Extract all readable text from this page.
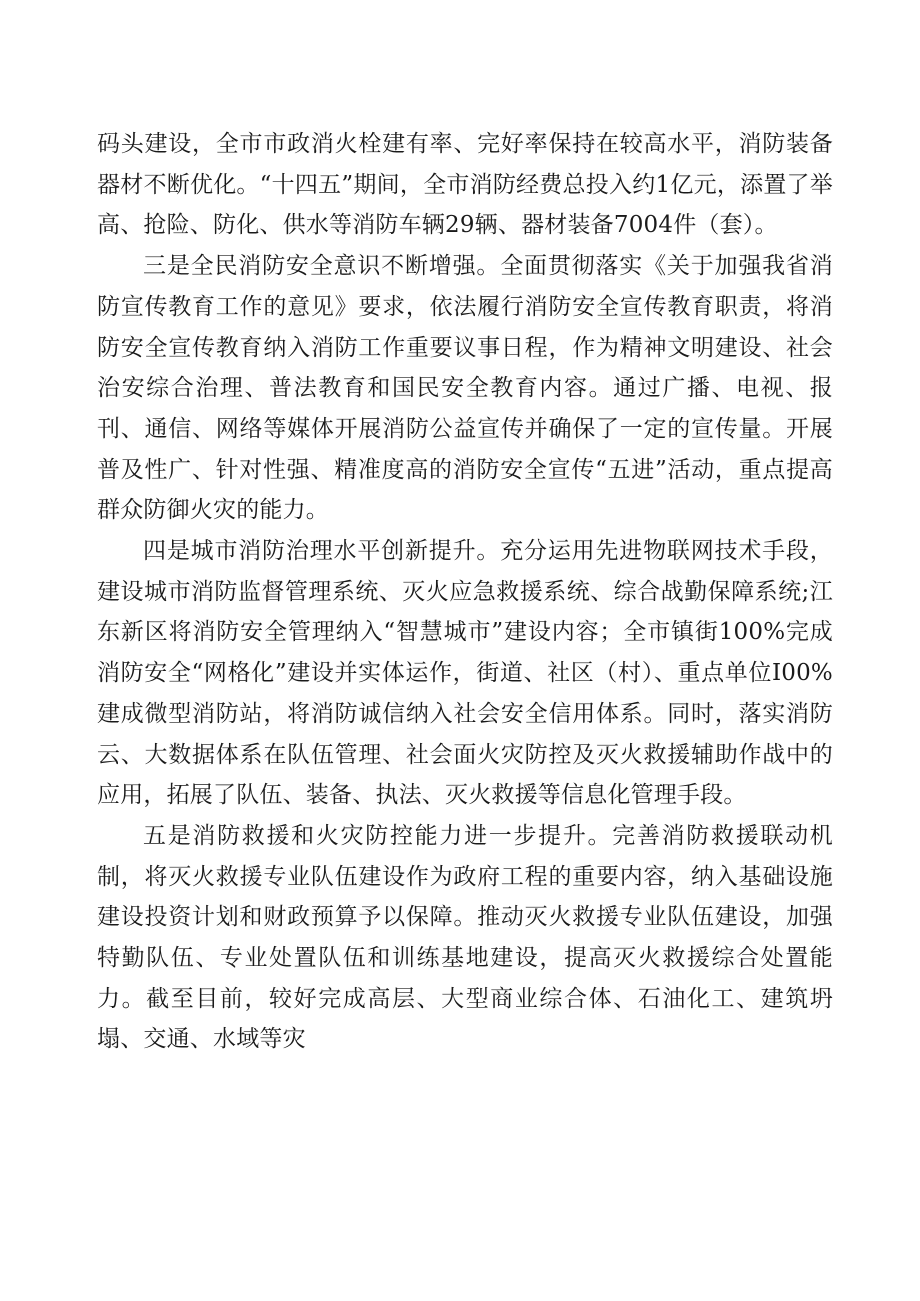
码头建设，全市市政消火栓建有率、完好率保持在较高水平，消防装备器材不断优化。“十四五”期间，全市消防经费总投入约1亿元，添置了举高、抢险、防化、供水等消防车辆29辆、器材装备7004件（套）。

三是全民消防安全意识不断增强。全面贯彻落实《关于加强我省消防宣传教育工作的意见》要求，依法履行消防安全宣传教育职责，将消防安全宣传教育纳入消防工作重要议事日程，作为精神文明建设、社会治安综合治理、普法教育和国民安全教育内容。通过广播、电视、报刊、通信、网络等媒体开展消防公益宣传并确保了一定的宣传量。开展普及性广、针对性强、精准度高的消防安全宣传“五进”活动，重点提高群众防御火灾的能力。

四是城市消防治理水平创新提升。充分运用先进物联网技术手段，建设城市消防监督管理系统、灭火应急救援系统、综合战勤保障系统;江东新区将消防安全管理纳入“智慧城市”建设内容；全市镇街100%完成消防安全“网格化”建设并实体运作，街道、社区（村）、重点单位I00%建成微型消防站，将消防诚信纳入社会安全信用体系。同时，落实消防云、大数据体系在队伍管理、社会面火灾防控及灭火救援辅助作战中的应用，拓展了队伍、装备、执法、灭火救援等信息化管理手段。

五是消防救援和火灾防控能力进一步提升。完善消防救援联动机制，将灭火救援专业队伍建设作为政府工程的重要内容，纳入基础设施建设投资计划和财政预算予以保障。推动灭火救援专业队伍建设，加强特勤队伍、专业处置队伍和训练基地建设，提高灭火救援综合处置能力。截至目前，较好完成高层、大型商业综合体、石油化工、建筑坍塌、交通、水域等灾
